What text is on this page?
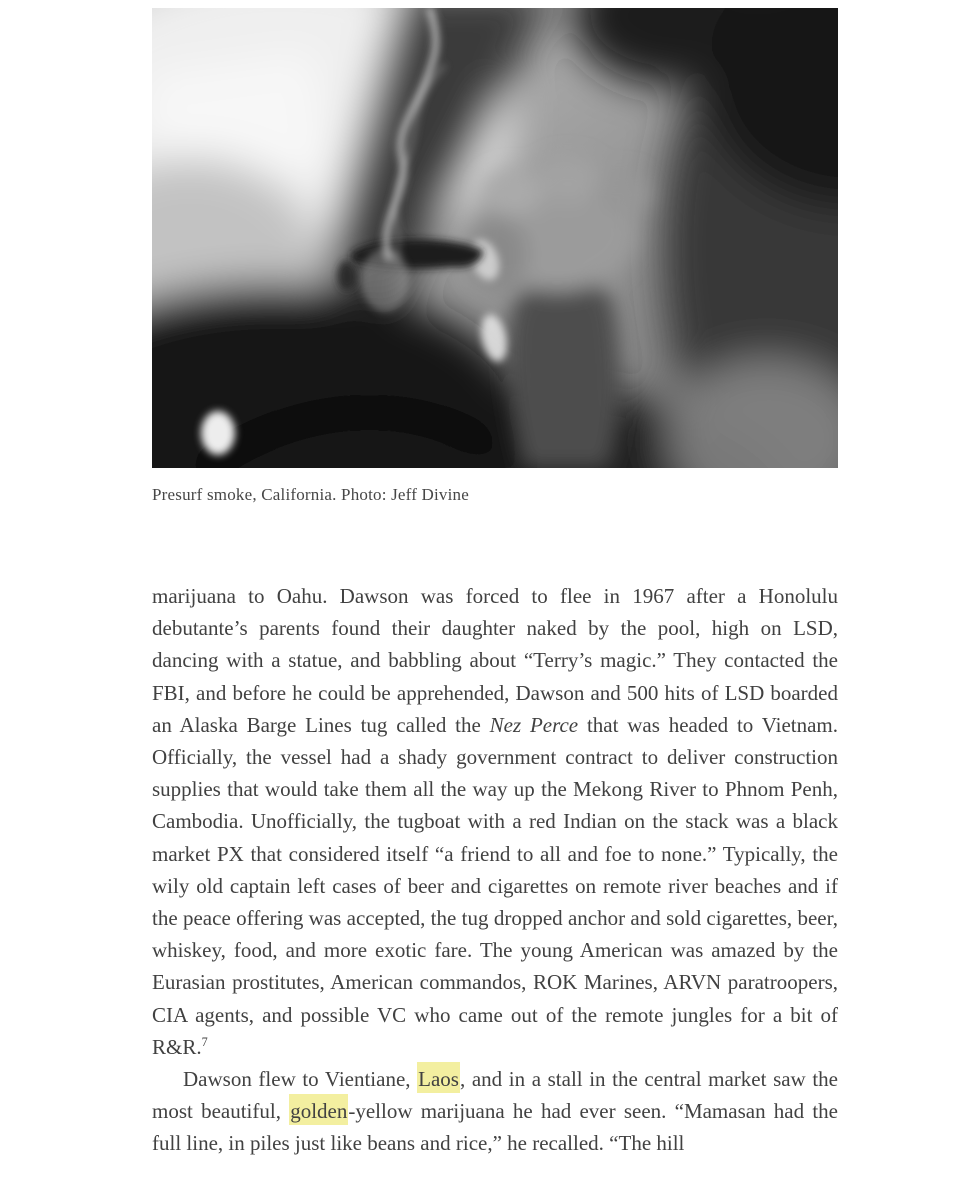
Presurf smoke, California. Photo: Jeff Divine

marijuana to Oahu. Dawson was forced to flee in 1967 after a Honolulu debutante’s parents found their daughter naked by the pool, high on LSD, dancing with a statue, and babbling about “Terry’s magic.” They contacted the FBI, and before he could be apprehended, Dawson and 500 hits of LSD boarded an Alaska Barge Lines tug called the Nez Perce that was headed to Vietnam. Officially, the vessel had a shady government contract to deliver construction supplies that would take them all the way up the Mekong River to Phnom Penh, Cambodia. Unofficially, the tugboat with a red Indian on the stack was a black market PX that considered itself “a friend to all and foe to none.” Typically, the wily old captain left cases of beer and cigarettes on remote river beaches and if the peace offering was accepted, the tug dropped anchor and sold cigarettes, beer, whiskey, food, and more exotic fare. The young American was amazed by the Eurasian prostitutes, American commandos, ROK Marines, ARVN paratroopers, CIA agents, and possible VC who came out of the remote jungles for a bit of R&R.$^7$

Dawson flew to Vientiane, Laos, and in a stall in the central market saw the most beautiful, golden-yellow marijuana he had ever seen. “Mamasan had the full line, in piles just like beans and rice,” he recalled. “The hill
